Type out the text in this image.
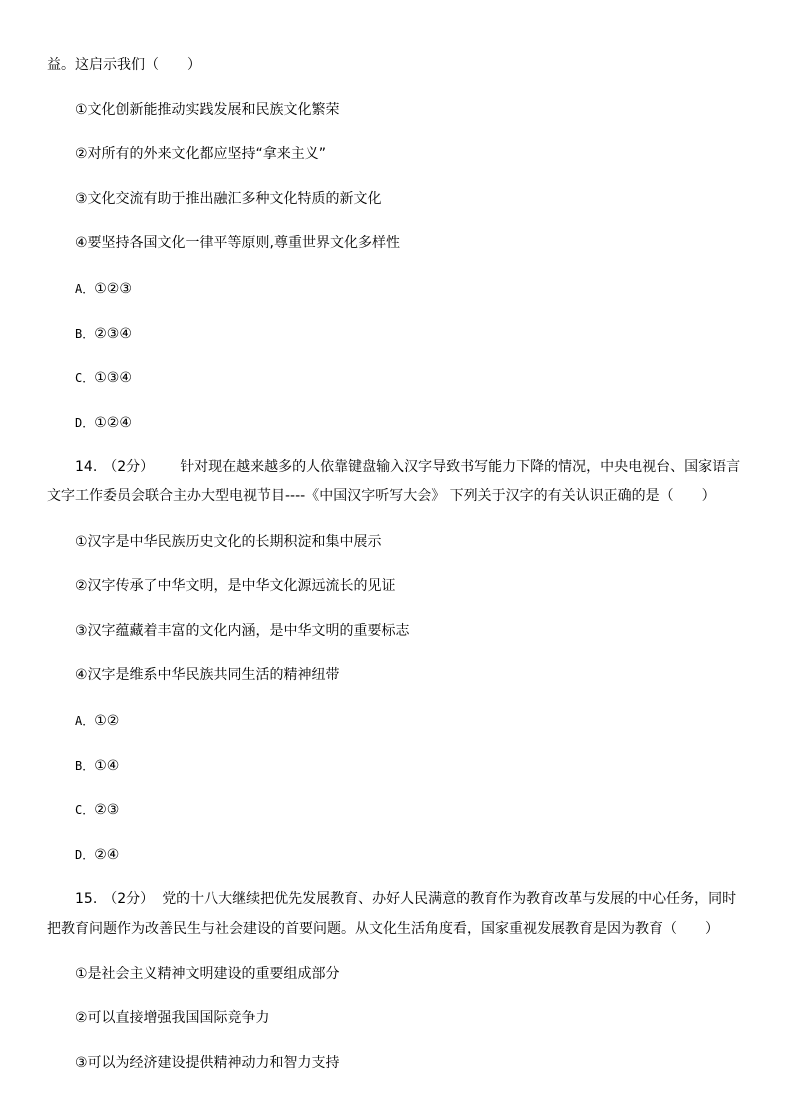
益。这启示我们（　　）
①文化创新能推动实践发展和民族文化繁荣
②对所有的外来文化都应坚持“拿来主义”
③文化交流有助于推出融汇多种文化特质的新文化
④要坚持各国文化一律平等原则,尊重世界文化多样性
A．①②③
B．②③④
C．①③④
D．①②④
14. （2分） 针对现在越来越多的人依靠键盘输入汉字导致书写能力下降的情况，中央电视台、国家语言
文字工作委员会联合主办大型电视节目----《中国汉字听写大会》 下列关于汉字的有关认识正确的是（　　）
①汉字是中华民族历史文化的长期积淀和集中展示
②汉字传承了中华文明，是中华文化源远流长的见证
③汉字蕴藏着丰富的文化内涵，是中华文明的重要标志
④汉字是维系中华民族共同生活的精神纽带
A．①②
B．①④
C．②③
D．②④
15. （2分） 党的十八大继续把优先发展教育、办好人民满意的教育作为教育改革与发展的中心任务，同时
把教育问题作为改善民生与社会建设的首要问题。从文化生活角度看，国家重视发展教育是因为教育（　　）
①是社会主义精神文明建设的重要组成部分
②可以直接增强我国国际竞争力
③可以为经济建设提供精神动力和智力支持
